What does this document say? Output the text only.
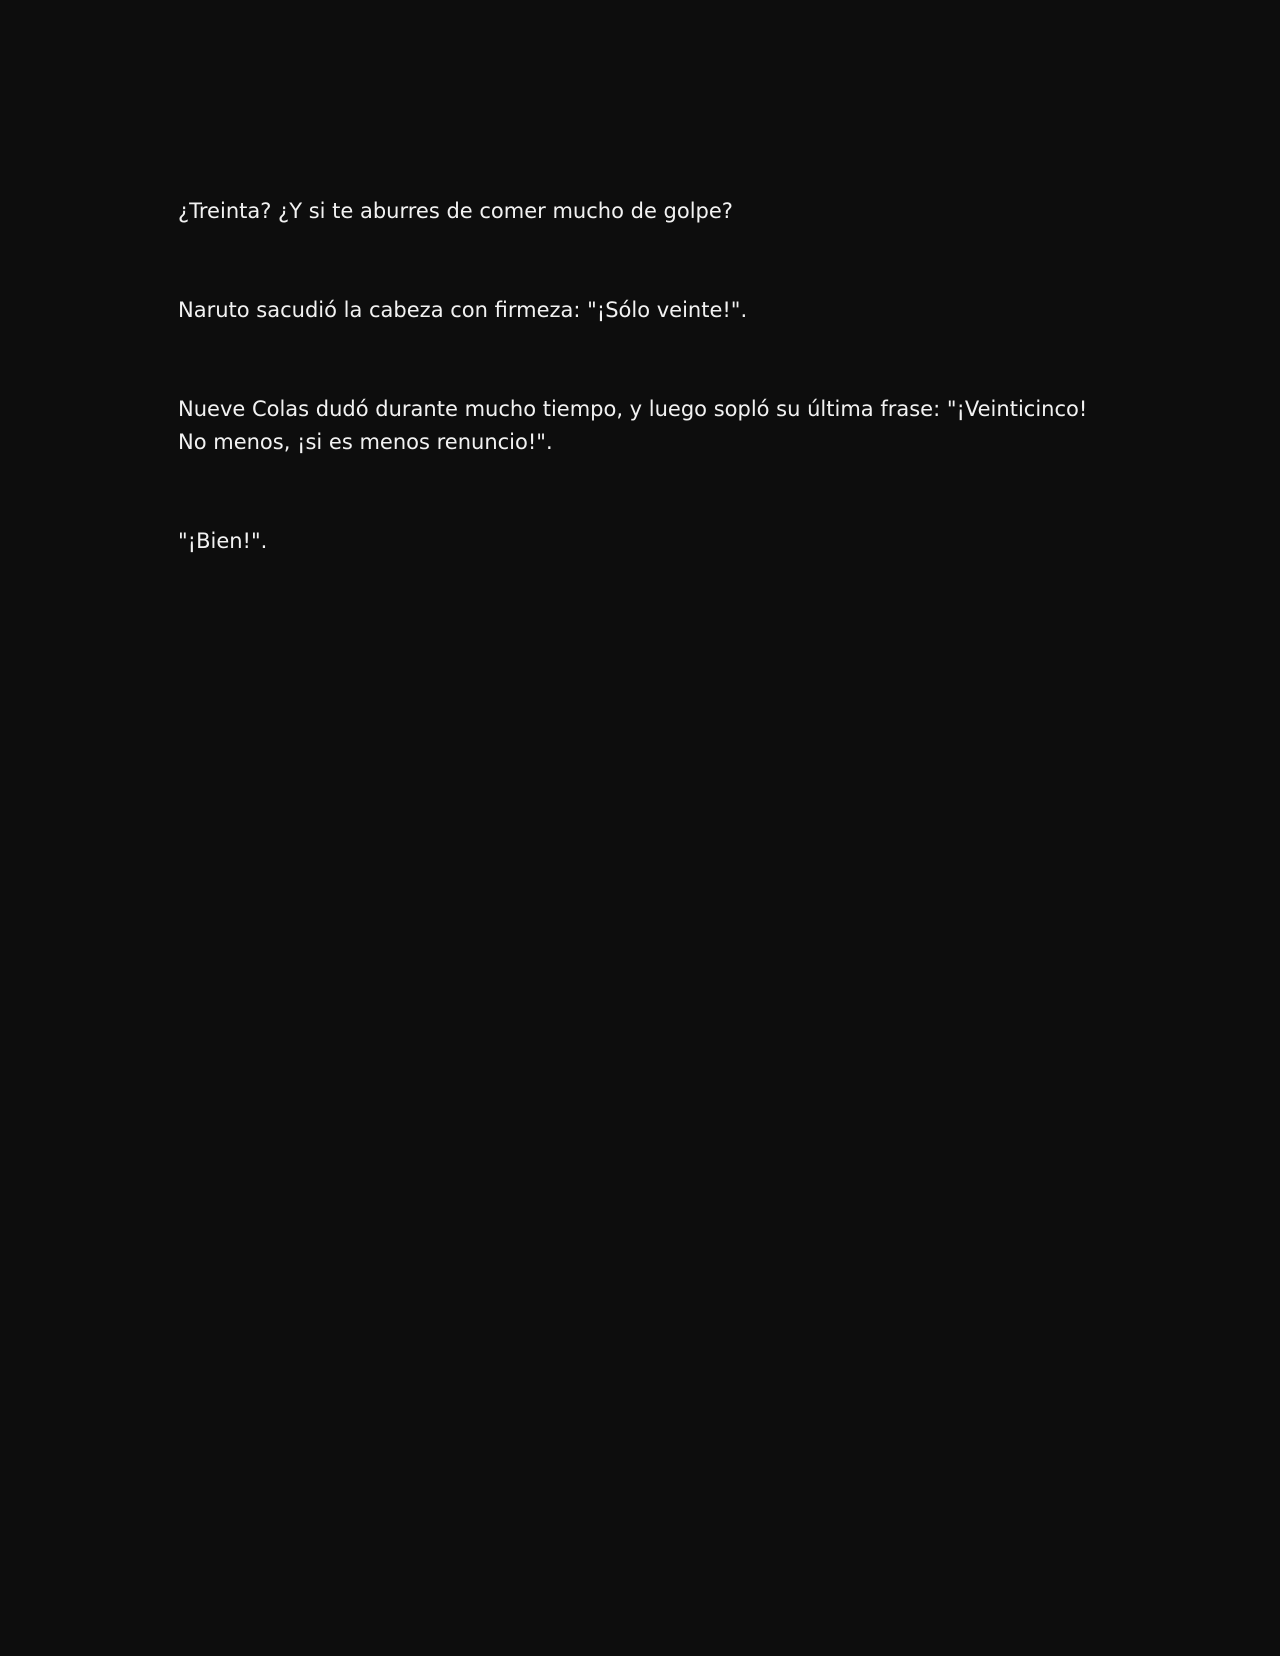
¿Treinta? ¿Y si te aburres de comer mucho de golpe?

Naruto sacudió la cabeza con firmeza: "¡Sólo veinte!".

Nueve Colas dudó durante mucho tiempo, y luego sopló su última frase: "¡Veinticinco! No menos, ¡si es menos renuncio!".

"¡Bien!".
